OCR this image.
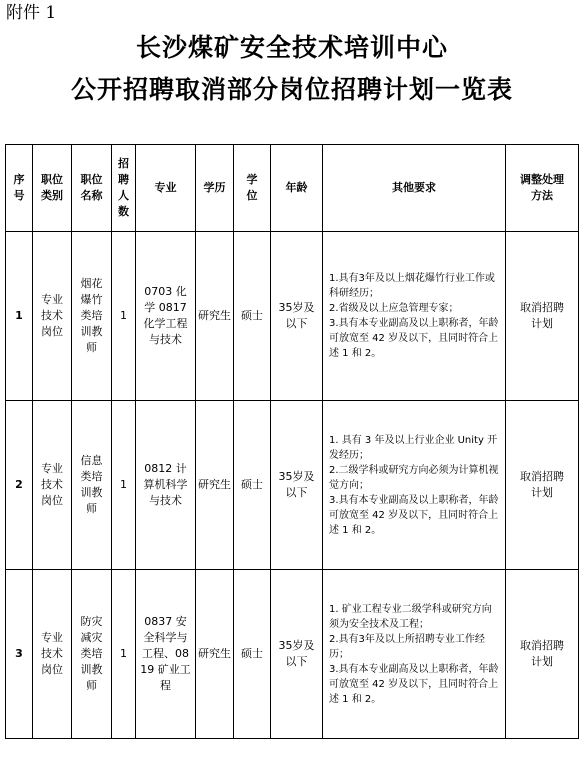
附件 1
长沙煤矿安全技术培训中心
公开招聘取消部分岗位招聘计划一览表
序号	职位类别	职位名称	招聘人数	专业	学历	学位	年龄	其他要求	调整处理方法

1	专业技术岗位	烟花爆竹类培训教师	1	0703 化学 0817 化学工程与技术	研究生	硕士	35岁及以下	1.具有3年及以上烟花爆竹行业工作或科研经历；
2.省级及以上应急管理专家；
3.具有本专业副高及以上职称者，年龄可放宽至 42 岁及以下，且同时符合上述 1 和 2。	取消招聘计划

2	专业技术岗位	信息类培训教师	1	0812 计算机科学与技术	研究生	硕士	35岁及以下	1. 具有 3 年及以上行业企业 Unity 开发经历；
2.二级学科或研究方向必须为计算机视觉方向；
3.具有本专业副高及以上职称者，年龄可放宽至 42 岁及以下，且同时符合上述 1 和 2。	取消招聘计划

3	专业技术岗位	防灾减灾类培训教师	1	0837 安全科学与工程、0819 矿业工程	研究生	硕士	35岁及以下	1. 矿业工程专业二级学科或研究方向须为安全技术及工程；
2.具有3年及以上所招聘专业工作经历；
3.具有本专业副高及以上职称者，年龄可放宽至 42 岁及以下，且同时符合上述 1 和 2。	取消招聘计划
